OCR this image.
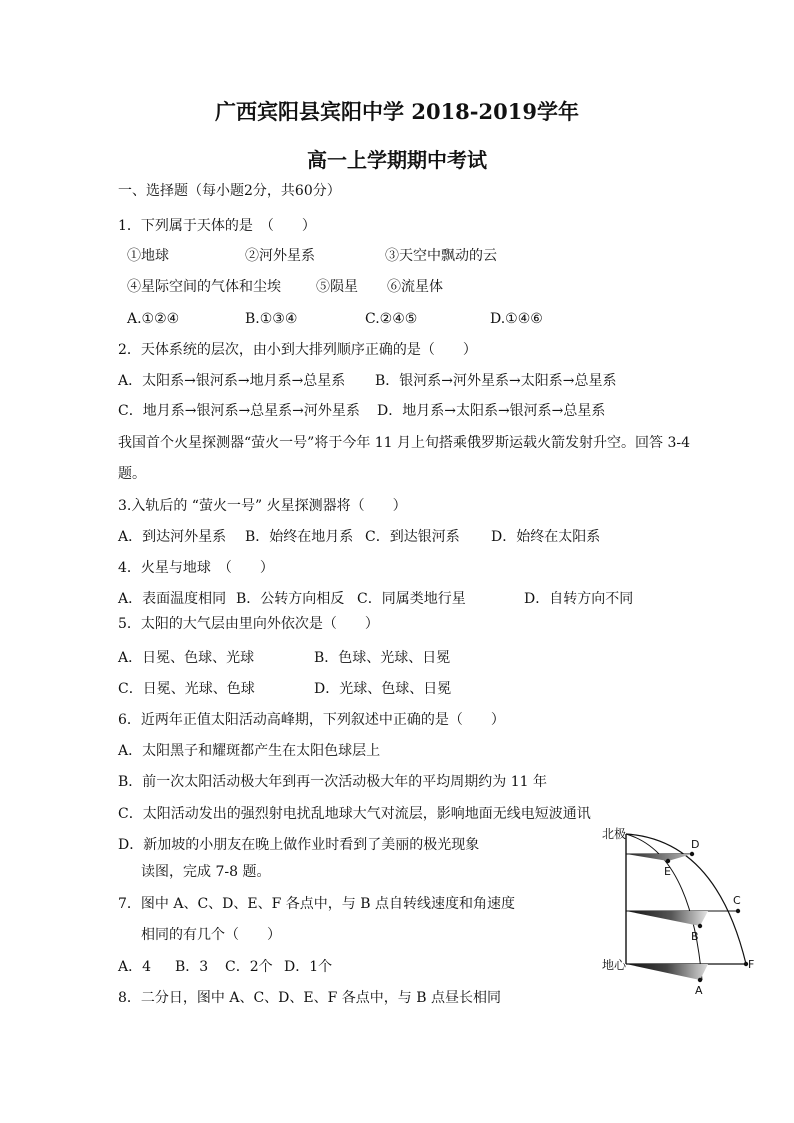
广西宾阳县宾阳中学 2018-2019学年
高一上学期期中考试
一、选择题（每小题2分，共60分）
1．下列属于天体的是　（　　）
①地球	②河外星系	③天空中飘动的云
④星际空间的气体和尘埃	⑤陨星 ⑥流星体
A.①②④	B.①③④	C.②④⑤	D.①④⑥
2．天体系统的层次，由小到大排列顺序正确的是（　　）
A．太阳系→银河系→地月系→总星系 B．银河系→河外星系→太阳系→总星系
C．地月系→银河系→总星系→河外星系 D．地月系→太阳系→银河系→总星系
我国首个火星探测器“萤火一号”将于今年 11 月上旬搭乘俄罗斯运载火箭发射升空。回答 3-4
题。
3.入轨后的 “萤火一号” 火星探测器将（　　）
A．到达河外星系 B．始终在地月系 C．到达银河系 D．始终在太阳系
4．火星与地球　（　　）
A．表面温度相同 B．公转方向相反 C．同属类地行星	D．自转方向不同
5．太阳的大气层由里向外依次是（　　）
A．日冕、色球、光球	B．色球、光球、日冕
C．日冕、光球、色球	D．光球、色球、日冕
6．近两年正值太阳活动高峰期，下列叙述中正确的是（　　）
A．太阳黑子和耀斑都产生在太阳色球层上
B．前一次太阳活动极大年到再一次活动极大年的平均周期约为 11 年
C．太阳活动发出的强烈射电扰乱地球大气对流层，影响地面无线电短波通讯
D．新加坡的小朋友在晚上做作业时看到了美丽的极光现象
读图，完成 7-8 题。
7．图中 A、C、D、E、F 各点中，与 B 点自转线速度和角速度
相同的有几个（　　）
A．4 B．3 C．2个 D．1个
8．二分日，图中 A、C、D、E、F 各点中，与 B 点昼长相同
北极
地心
D
E
C
B
A
F
